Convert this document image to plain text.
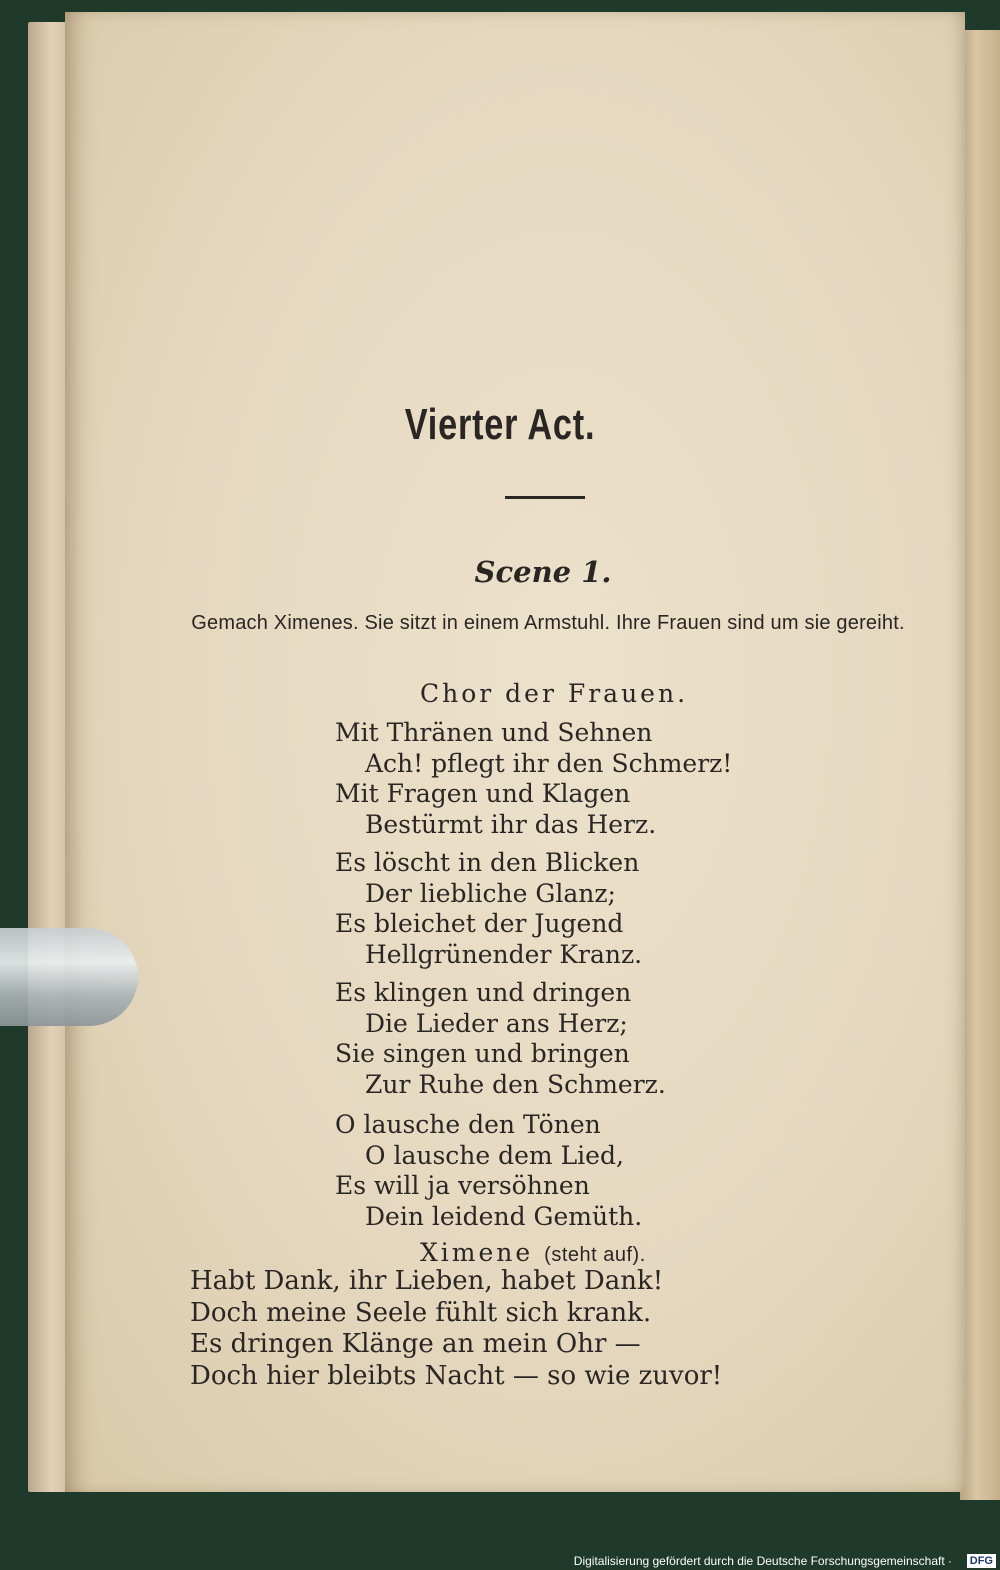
Vierter Act.
Scene 1.
Gemach Ximenes. Sie sitzt in einem Armstuhl. Ihre Frauen sind um sie gereiht.
Chor der Frauen.
Mit Thränen und Sehnen
Ach! pflegt ihr den Schmerz!
Mit Fragen und Klagen
Bestürmt ihr das Herz.
Es löscht in den Blicken
Der liebliche Glanz;
Es bleichet der Jugend
Hellgrünender Kranz.
Es klingen und dringen
Die Lieder ans Herz;
Sie singen und bringen
Zur Ruhe den Schmerz.
O lausche den Tönen
O lausche dem Lied,
Es will ja versöhnen
Dein leidend Gemüth.
Ximene (steht auf).
Habt Dank, ihr Lieben, habet Dank!
Doch meine Seele fühlt sich krank.
Es dringen Klänge an mein Ohr —
Doch hier bleibts Nacht — so wie zuvor!
Digitalisierung gefördert durch die Deutsche Forschungsgemeinschaft · DFG
